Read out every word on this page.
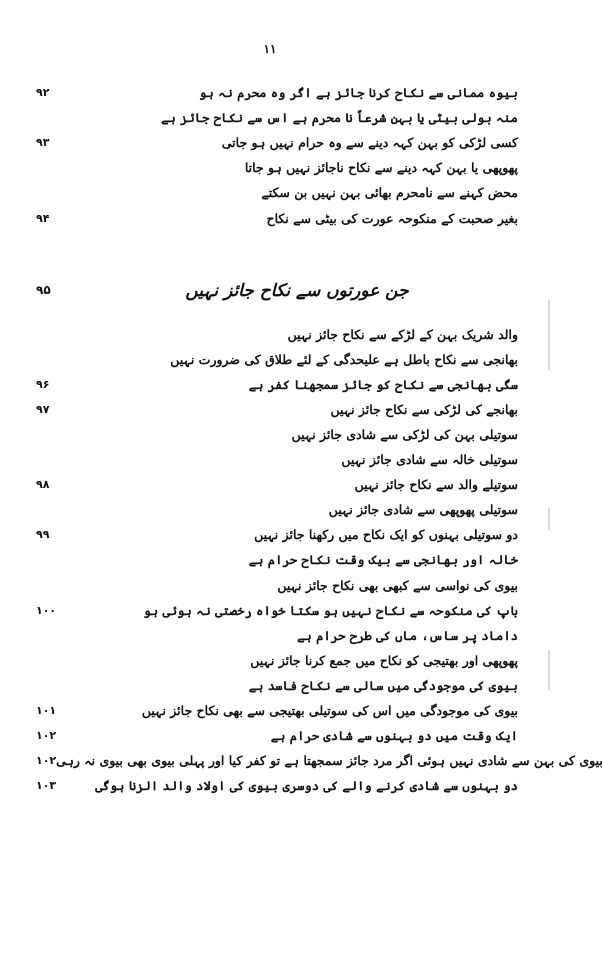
۱۱
۹۲	بیوہ ممانی سے نکاح کرنا جائز ہے اگر وہ محرم نہ ہو
منہ بولی بیٹی یا بہن شرعاً نا محرم ہے اس سے نکاح جائز ہے
۹۳	کسی لڑکی کو بہن کہہ دینے سے وہ حرام نہیں ہو جاتی
پھوپھی یا بہن کہہ دینے سے نکاح ناجائز نہیں ہو جاتا
محض کہنے سے نامحرم بھائی بہن نہیں بن سکتے
۹۴	بغیر صحبت کے منکوحہ عورت کی بیٹی سے نکاح
۹۵	جن عورتوں سے نکاح جائز نہیں
والد شریک بہن کے لڑکے سے نکاح جائز نہیں
بھانجی سے نکاح باطل ہے علیحدگی کے لئے طلاق کی ضرورت نہیں
۹۶	سگی بھانجی سے نکاح کو جائز سمجھنا کفر ہے
۹۷	بھانجے کی لڑکی سے نکاح جائز نہیں
سوتیلی بہن کی لڑکی سے شادی جائز نہیں
سوتیلی خالہ سے شادی جائز نہیں
۹۸	سوتیلے والد سے نکاح جائز نہیں
سوتیلی پھوپھی سے شادی جائز نہیں
۹۹	دو سوتیلی بہنوں کو ایک نکاح میں رکھنا جائز نہیں
خالہ اور بھانجی سے بیک وقت نکاح حرام ہے
بیوی کی نواسی سے کبھی بھی نکاح جائز نہیں
۱۰۰	باپ کی منکوحہ سے نکاح نہیں ہو سکتا خواہ رخصتی نہ ہوئی ہو
داماد پر ساس، ماں کی طرح حرام ہے
پھوپھی اور بھتیجی کو نکاح میں جمع کرنا جائز نہیں
بیوی کی موجودگی میں سالی سے نکاح فاسد ہے
۱۰۱	بیوی کی موجودگی میں اس کی سوتیلی بھتیجی سے بھی نکاح جائز نہیں
۱۰۲	ایک وقت میں دو بہنوں سے شادی حرام ہے
۱۰۲ بیوی کی بہن سے شادی نہیں ہوئی اگر مرد جائز سمجھتا ہے تو کفر کیا اور پہلی بیوی بھی بیوی نہ رہی
۱۰۳	دو بہنوں سے شادی کرنے والے کی دوسری بیوی کی اولاد والد الزنا ہوگی
